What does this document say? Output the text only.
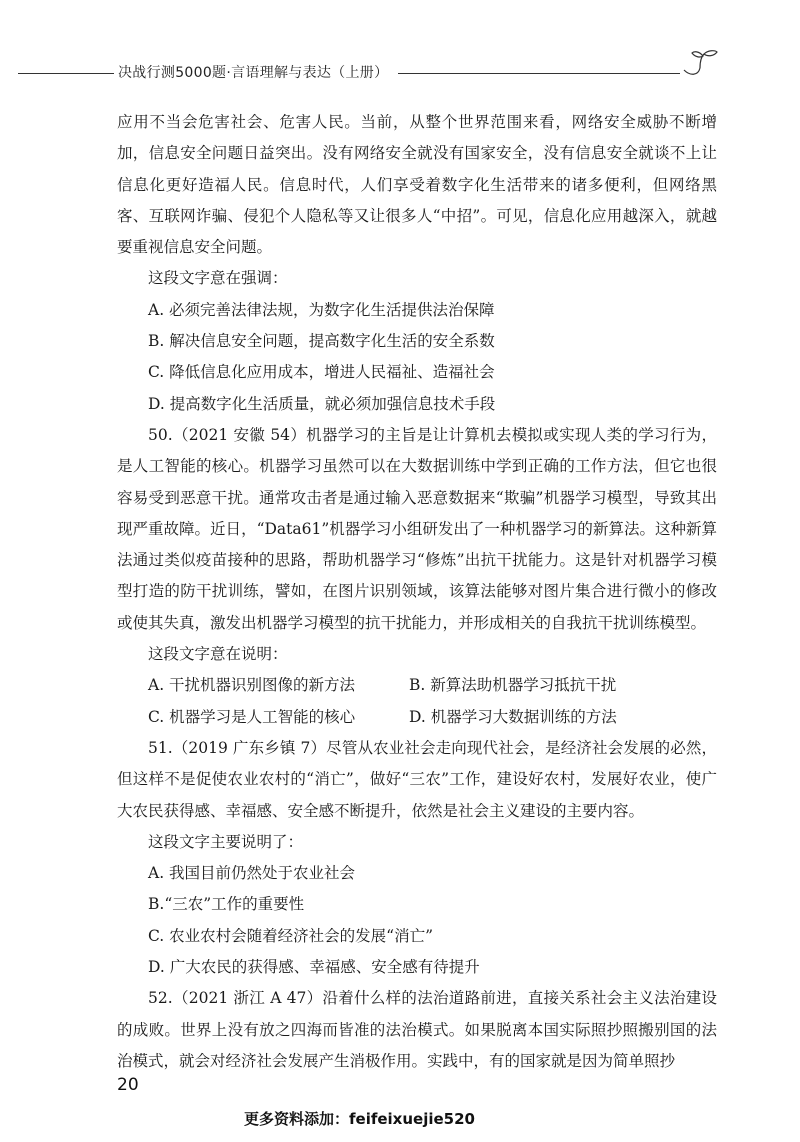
决战行测5000题·言语理解与表达（上册）

应用不当会危害社会、危害人民。当前，从整个世界范围来看，网络安全威胁不断增加，信息安全问题日益突出。没有网络安全就没有国家安全，没有信息安全就谈不上让信息化更好造福人民。信息时代，人们享受着数字化生活带来的诸多便利，但网络黑客、互联网诈骗、侵犯个人隐私等又让很多人“中招”。可见，信息化应用越深入，就越要重视信息安全问题。

这段文字意在强调：

A. 必须完善法律法规，为数字化生活提供法治保障

B. 解决信息安全问题，提高数字化生活的安全系数

C. 降低信息化应用成本，增进人民福祉、造福社会

D. 提高数字化生活质量，就必须加强信息技术手段

50.（2021 安徽 54）机器学习的主旨是让计算机去模拟或实现人类的学习行为，是人工智能的核心。机器学习虽然可以在大数据训练中学到正确的工作方法，但它也很容易受到恶意干扰。通常攻击者是通过输入恶意数据来“欺骗”机器学习模型，导致其出现严重故障。近日，“Data61”机器学习小组研发出了一种机器学习的新算法。这种新算法通过类似疫苗接种的思路，帮助机器学习“修炼”出抗干扰能力。这是针对机器学习模型打造的防干扰训练，譬如，在图片识别领域，该算法能够对图片集合进行微小的修改或使其失真，激发出机器学习模型的抗干扰能力，并形成相关的自我抗干扰训练模型。

这段文字意在说明：

A. 干扰机器识别图像的新方法	B. 新算法助机器学习抵抗干扰
C. 机器学习是人工智能的核心	D. 机器学习大数据训练的方法

51.（2019 广东乡镇 7）尽管从农业社会走向现代社会，是经济社会发展的必然，但这样不是促使农业农村的“消亡”，做好“三农”工作，建设好农村，发展好农业，使广大农民获得感、幸福感、安全感不断提升，依然是社会主义建设的主要内容。

这段文字主要说明了：

A. 我国目前仍然处于农业社会

B.“三农”工作的重要性

C. 农业农村会随着经济社会的发展“消亡”

D. 广大农民的获得感、幸福感、安全感有待提升

52.（2021 浙江 A 47）沿着什么样的法治道路前进，直接关系社会主义法治建设的成败。世界上没有放之四海而皆准的法治模式。如果脱离本国实际照抄照搬别国的法治模式，就会对经济社会发展产生消极作用。实践中，有的国家就是因为简单照抄

20
更多资料添加：feifeixuejie520
